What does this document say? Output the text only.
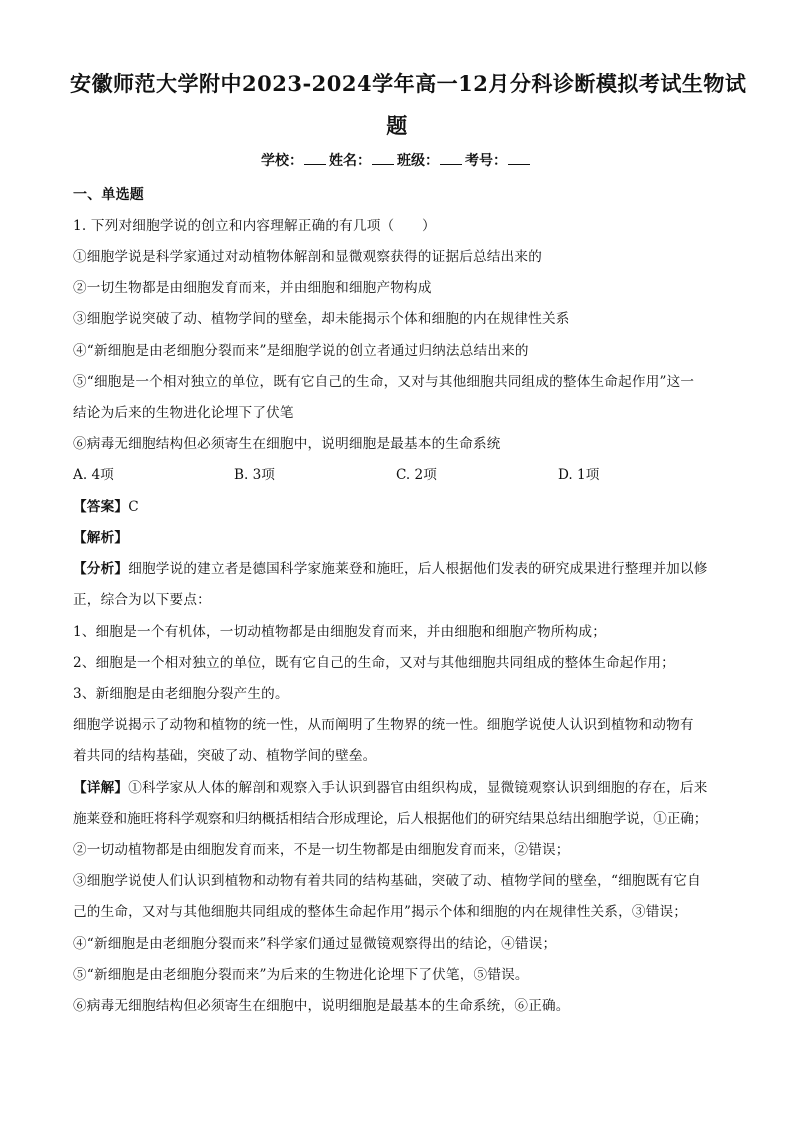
安徽师范大学附中2023-2024学年高一12月分科诊断模拟考试生物试
题
学校： 姓名： 班级： 考号：
一、单选题
1. 下列对细胞学说的创立和内容理解正确的有几项（　　）
①细胞学说是科学家通过对动植物体解剖和显微观察获得的证据后总结出来的
②一切生物都是由细胞发育而来，并由细胞和细胞产物构成
③细胞学说突破了动、植物学间的壁垒，却未能揭示个体和细胞的内在规律性关系
④“新细胞是由老细胞分裂而来”是细胞学说的创立者通过归纳法总结出来的
⑤“细胞是一个相对独立的单位，既有它自己的生命，又对与其他细胞共同组成的整体生命起作用”这一
结论为后来的生物进化论埋下了伏笔
⑥病毒无细胞结构但必须寄生在细胞中，说明细胞是最基本的生命系统
A. 4项	B. 3项	C. 2项	D. 1项
【答案】C
【解析】
【分析】细胞学说的建立者是德国科学家施莱登和施旺，后人根据他们发表的研究成果进行整理并加以修
正，综合为以下要点：
1、细胞是一个有机体，一切动植物都是由细胞发育而来，并由细胞和细胞产物所构成；
2、细胞是一个相对独立的单位，既有它自己的生命，又对与其他细胞共同组成的整体生命起作用；
3、新细胞是由老细胞分裂产生的。
细胞学说揭示了动物和植物的统一性，从而阐明了生物界的统一性。细胞学说使人认识到植物和动物有
着共同的结构基础，突破了动、植物学间的壁垒。
【详解】①科学家从人体的解剖和观察入手认识到器官由组织构成，显微镜观察认识到细胞的存在，后来
施莱登和施旺将科学观察和归纳概括相结合形成理论，后人根据他们的研究结果总结出细胞学说，①正确；
②一切动植物都是由细胞发育而来，不是一切生物都是由细胞发育而来，②错误；
③细胞学说使人们认识到植物和动物有着共同的结构基础，突破了动、植物学间的壁垒，“细胞既有它自
己的生命，又对与其他细胞共同组成的整体生命起作用”揭示个体和细胞的内在规律性关系，③错误；
④“新细胞是由老细胞分裂而来”科学家们通过显微镜观察得出的结论，④错误；
⑤“新细胞是由老细胞分裂而来”为后来的生物进化论埋下了伏笔，⑤错误。
⑥病毒无细胞结构但必须寄生在细胞中，说明细胞是最基本的生命系统，⑥正确。
